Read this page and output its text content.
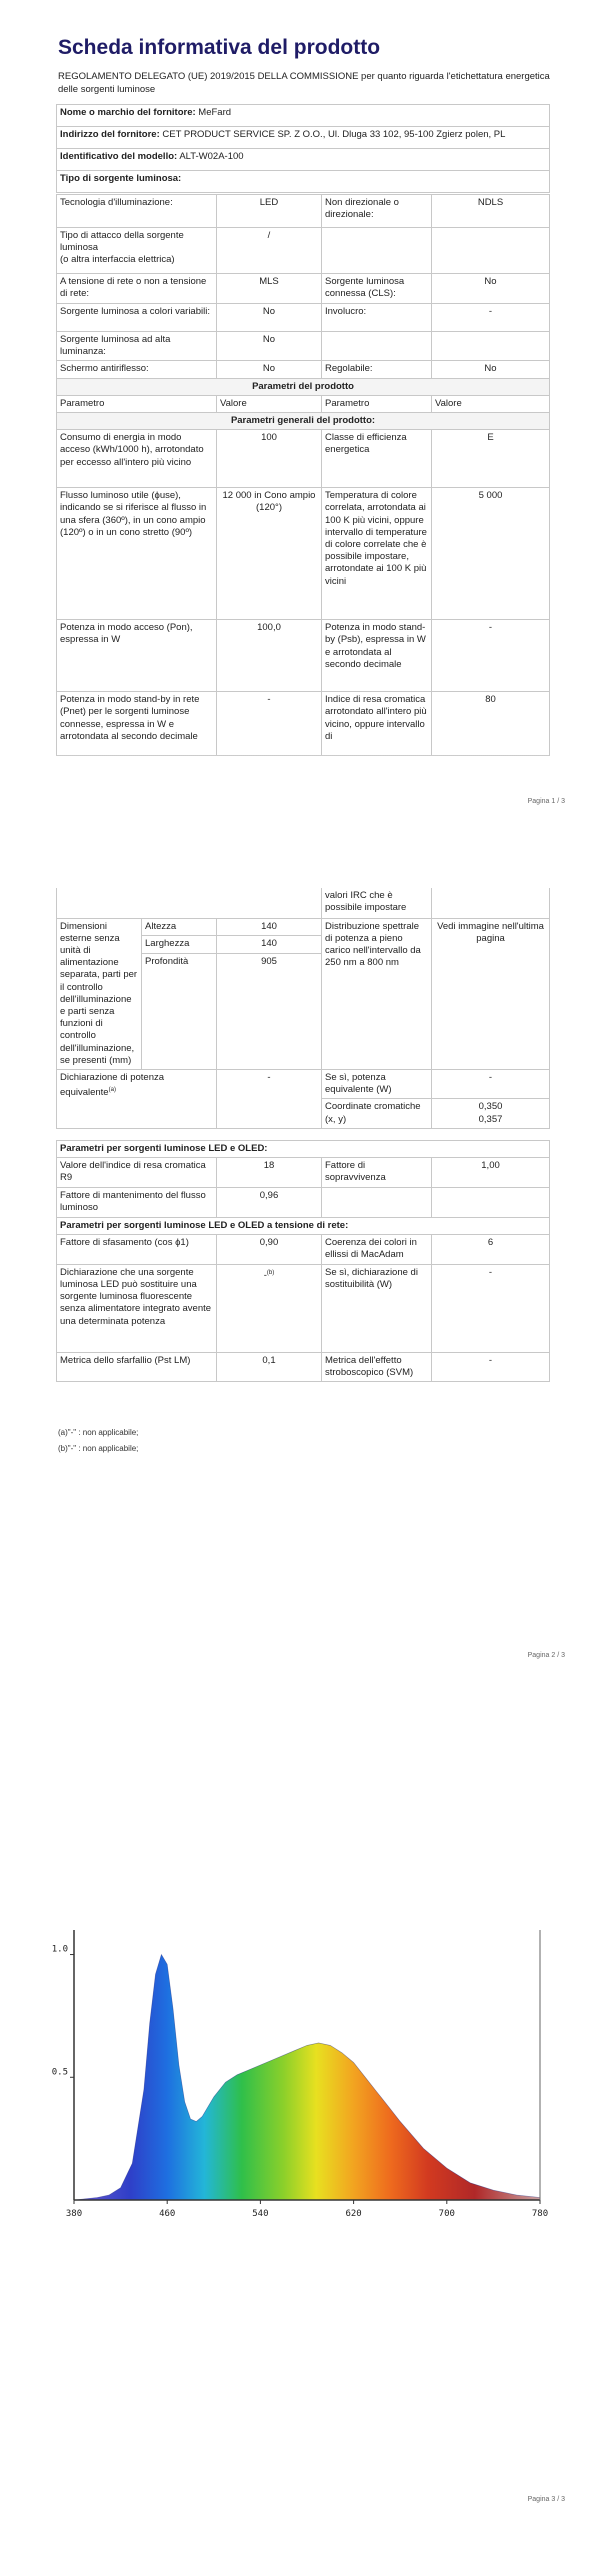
Scheda informativa del prodotto
REGOLAMENTO DELEGATO (UE) 2019/2015 DELLA COMMISSIONE per quanto riguarda l'etichettatura energetica delle sorgenti luminose
Nome o marchio del fornitore: MeFard
Indirizzo del fornitore: CET PRODUCT SERVICE SP. Z O.O., Ul. Dluga 33 102, 95-100 Zgierz polen, PL
Identificativo del modello: ALT-W02A-100
Tipo di sorgente luminosa:
Tecnologia d'illuminazione:	LED	Non direzionale o direzionale:	NDLS
Tipo di attacco della sorgente luminosa
(o altra interfaccia elettrica)	/		
A tensione di rete o non a tensione di rete:	MLS	Sorgente luminosa connessa (CLS):	No
Sorgente luminosa a colori variabili:	No	Involucro:	-
Sorgente luminosa ad alta luminanza:	No		
Schermo antiriflesso:	No	Regolabile:	No
Parametri del prodotto			
Parametro	Valore	Parametro	Valore
Parametri generali del prodotto:			
Consumo di energia in modo acceso (kWh/1000 h), arrotondato per eccesso all'intero più vicino	100	Classe di efficienza energetica	E
Flusso luminoso utile (ϕuse), indicando se si riferisce al flusso in una sfera (360º), in un cono ampio (120º) o in un cono stretto (90º)	12 000 in Cono ampio (120°)	Temperatura di colore correlata, arrotondata ai 100 K più vicini, oppure intervallo di temperature di colore correlate che è possibile impostare, arrotondate ai 100 K più vicini	5 000
Potenza in modo acceso (Pon), espressa in W	100,0	Potenza in modo stand-by (Psb), espressa in W e arrotondata al secondo decimale	-
Potenza in modo stand-by in rete (Pnet) per le sorgenti luminose connesse, espressa in W e arrotondata al secondo decimale	-	Indice di resa cromatica arrotondato all'intero più vicino, oppure intervallo di	80
Pagina 1 / 3
			valori IRC che è possibile impostare	
Dimensioni esterne senza unità di alimentazione separata, parti per il controllo dell'illuminazione e parti senza funzioni di controllo dell'illuminazione, se presenti (mm)	Altezza	140	Distribuzione spettrale di potenza a pieno carico nell'intervallo da 250 nm a 800 nm	Vedi immagine nell'ultima pagina
	Larghezza	140		
	Profondità	905		
Dichiarazione di potenza equivalente$^{(a)}$		-	Se sì, potenza equivalente (W)	-
			Coordinate cromatiche (x, y)	0,350
0,357
Parametri per sorgenti luminose LED e OLED:			
Valore dell'indice di resa cromatica R9	18	Fattore di sopravvivenza	1,00
Fattore di mantenimento del flusso luminoso	0,96		
Parametri per sorgenti luminose LED e OLED a tensione di rete:			
Fattore di sfasamento (cos ϕ1)	0,90	Coerenza dei colori in ellissi di MacAdam	6
Dichiarazione che una sorgente luminosa LED può sostituire una sorgente luminosa fluorescente senza alimentatore integrato avente una determinata potenza	-$^{(b)}$	Se sì, dichiarazione di sostituibilità (W)	-
Metrica dello sfarfallio (Pst LM)	0,1	Metrica dell'effetto stroboscopico (SVM)	-
(a)"-" : non applicabile;
(b)"-" : non applicabile;
Pagina 2 / 3
1.0
0.5
380	460	540	620	700	780
Pagina 3 / 3
